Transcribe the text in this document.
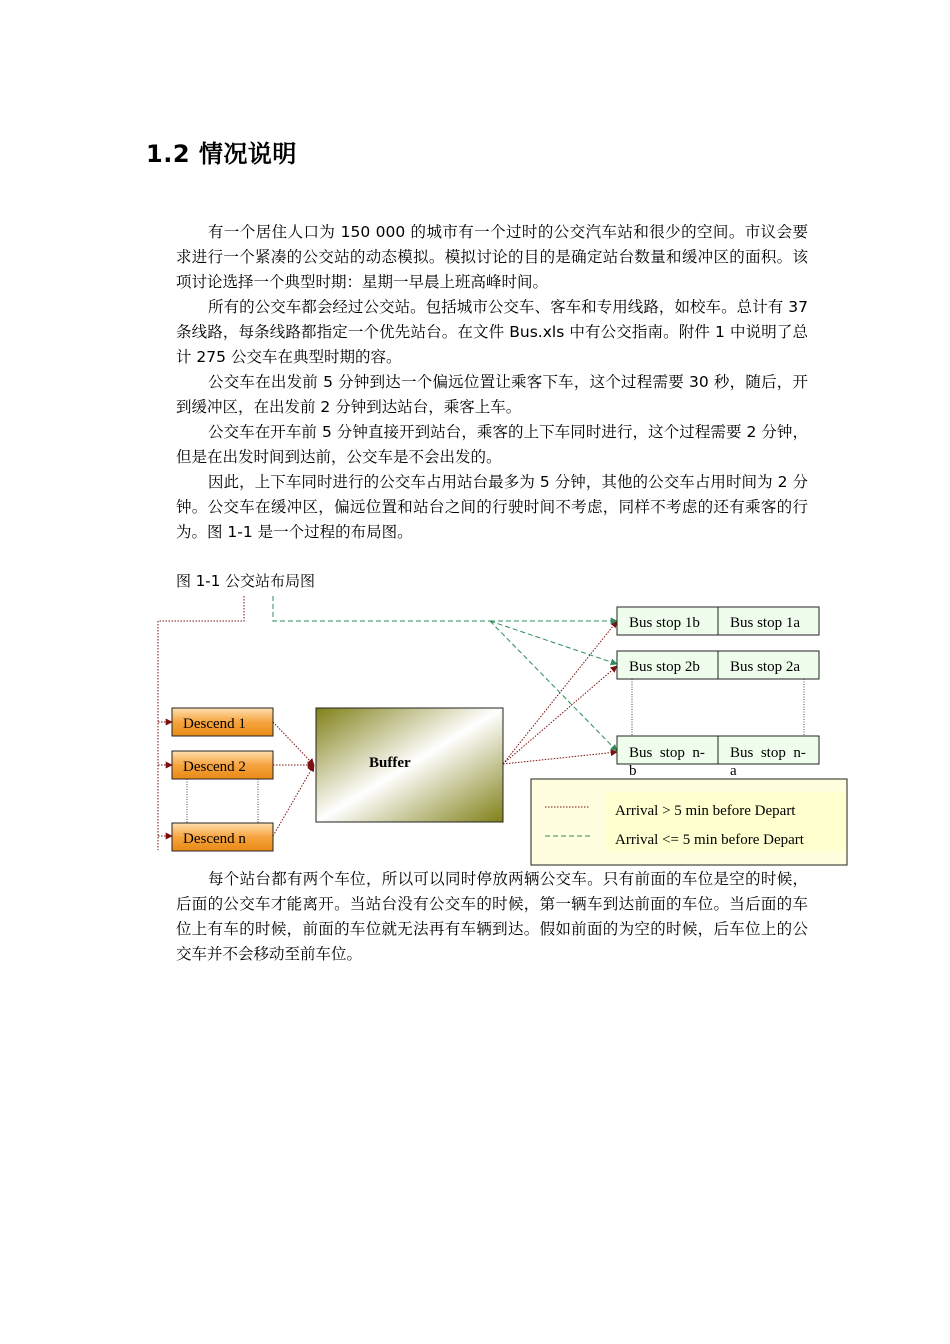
1.2 情况说明

有一个居住人口为 150 000 的城市有一个过时的公交汽车站和很少的空间。市议会要求进行一个紧凑的公交站的动态模拟。模拟讨论的目的是确定站台数量和缓冲区的面积。该项讨论选择一个典型时期：星期一早晨上班高峰时间。

所有的公交车都会经过公交站。包括城市公交车、客车和专用线路，如校车。总计有 37 条线路，每条线路都指定一个优先站台。在文件 Bus.xls 中有公交指南。附件 1 中说明了总计 275 公交车在典型时期的容。

公交车在出发前 5 分钟到达一个偏远位置让乘客下车，这个过程需要 30 秒，随后，开到缓冲区，在出发前 2 分钟到达站台，乘客上车。

公交车在开车前 5 分钟直接开到站台，乘客的上下车同时进行，这个过程需要 2 分钟，但是在出发时间到达前，公交车是不会出发的。

因此，上下车同时进行的公交车占用站台最多为 5 分钟，其他的公交车占用时间为 2 分钟。公交车在缓冲区，偏远位置和站台之间的行驶时间不考虑，同样不考虑的还有乘客的行为。图 1-1 是一个过程的布局图。

图 1-1 公交站布局图
Descend 1
Descend 2
Descend n
Buffer
Bus stop 1b Bus stop 1a
Bus stop 2b Bus stop 2a
Bus  stop  n-
b
Bus  stop  n-
a
Arrival > 5 min before Depart
Arrival <= 5 min before Depart

每个站台都有两个车位，所以可以同时停放两辆公交车。只有前面的车位是空的时候，后面的公交车才能离开。当站台没有公交车的时候，第一辆车到达前面的车位。当后面的车位上有车的时候，前面的车位就无法再有车辆到达。假如前面的为空的时候，后车位上的公交车并不会移动至前车位。
